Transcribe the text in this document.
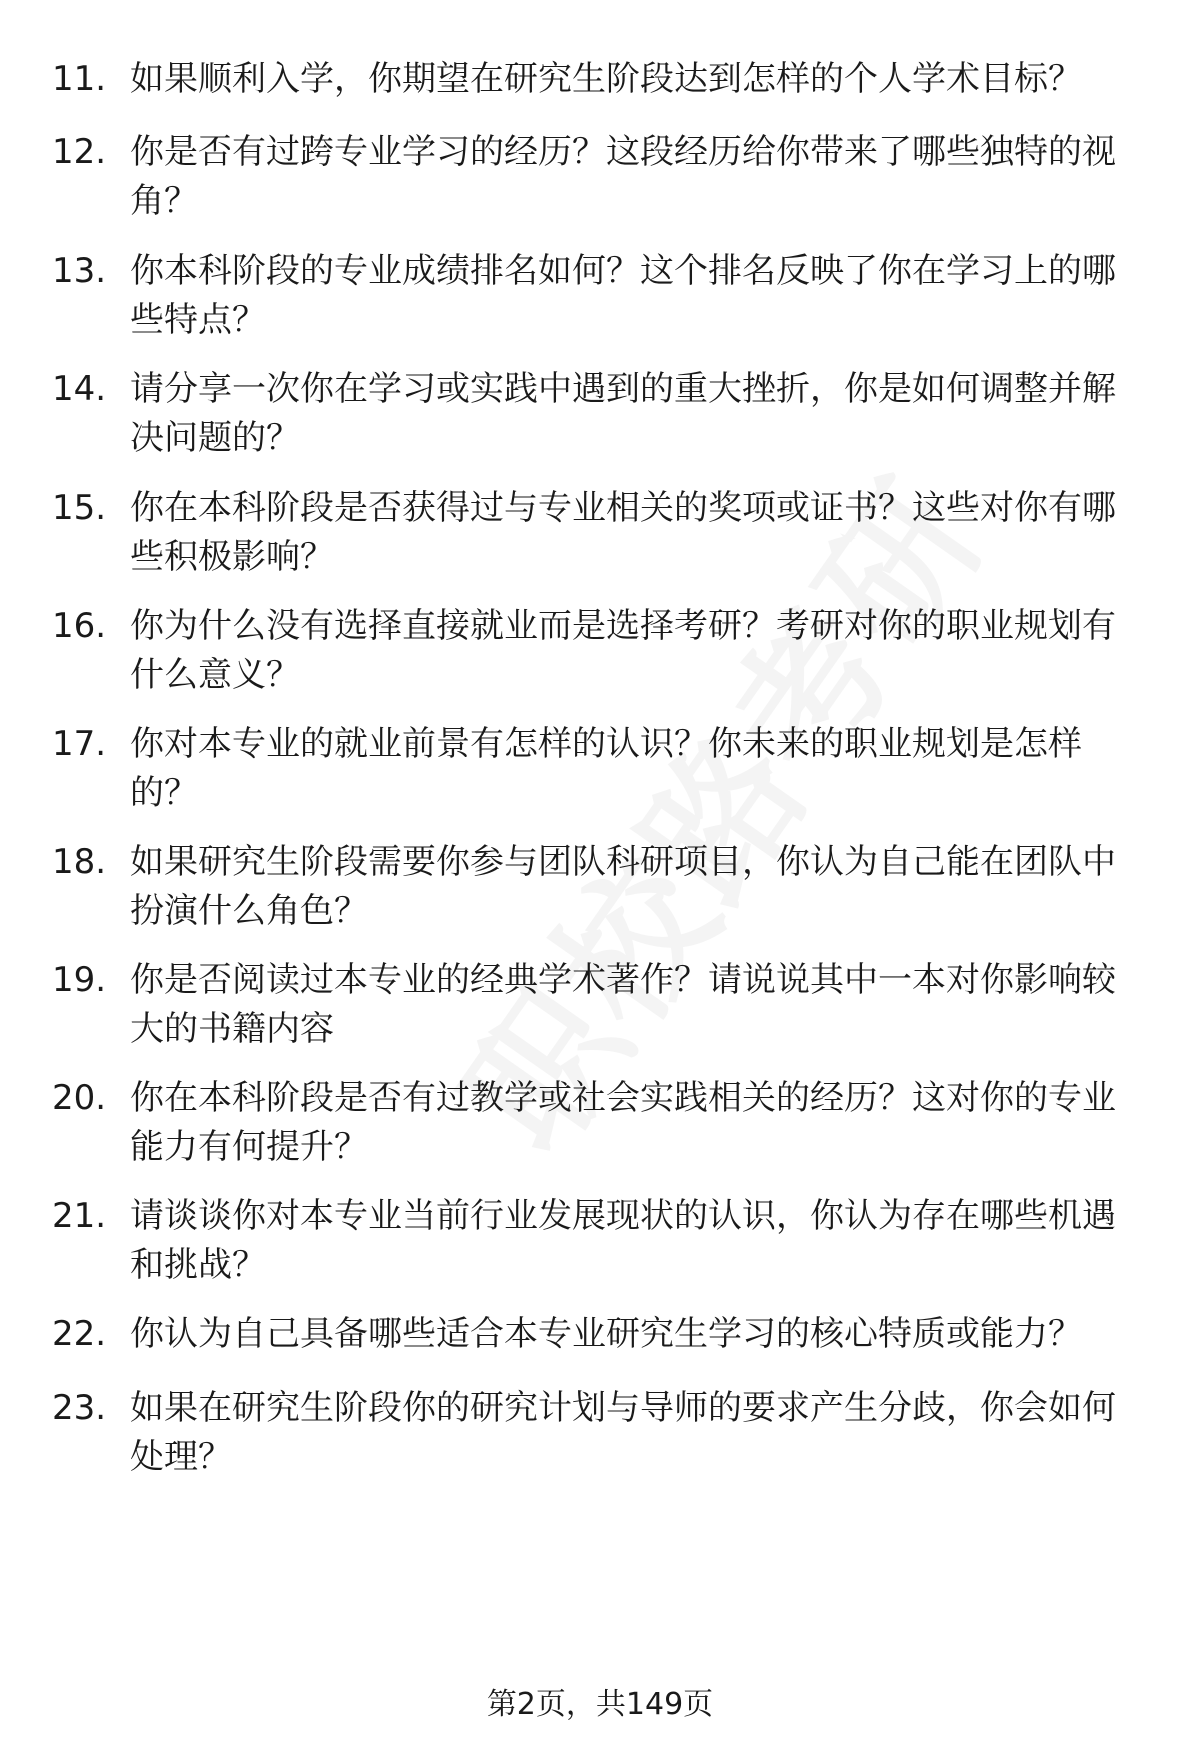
11. 如果顺利入学，你期望在研究生阶段达到怎样的个人学术目标？
12. 你是否有过跨专业学习的经历？这段经历给你带来了哪些独特的视角？
13. 你本科阶段的专业成绩排名如何？这个排名反映了你在学习上的哪些特点？
14. 请分享一次你在学习或实践中遇到的重大挫折，你是如何调整并解决问题的？
15. 你在本科阶段是否获得过与专业相关的奖项或证书？这些对你有哪些积极影响？
16. 你为什么没有选择直接就业而是选择考研？考研对你的职业规划有什么意义？
17. 你对本专业的就业前景有怎样的认识？你未来的职业规划是怎样的？
18. 如果研究生阶段需要你参与团队科研项目，你认为自己能在团队中扮演什么角色？
19. 你是否阅读过本专业的经典学术著作？请说说其中一本对你影响较大的书籍内容
20. 你在本科阶段是否有过教学或社会实践相关的经历？这对你的专业能力有何提升？
21. 请谈谈你对本专业当前行业发展现状的认识，你认为存在哪些机遇和挑战？
22. 你认为自己具备哪些适合本专业研究生学习的核心特质或能力？
23. 如果在研究生阶段你的研究计划与导师的要求产生分歧，你会如何处理？
第2页，共149页
